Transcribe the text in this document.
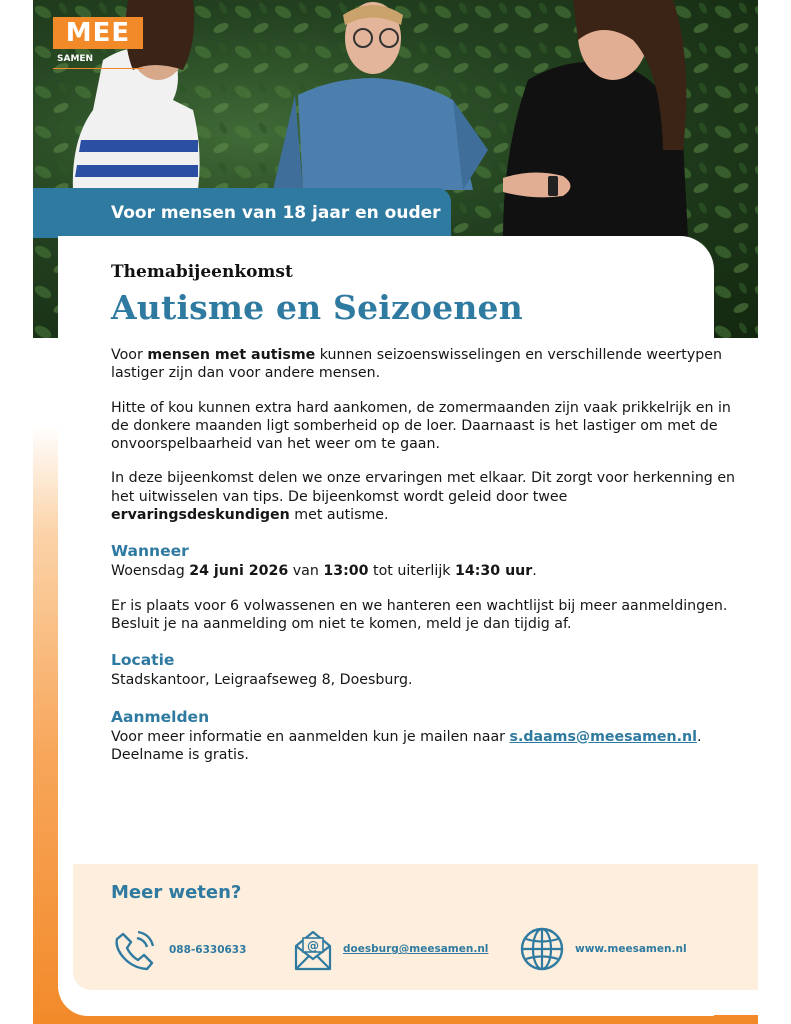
MEE
SAMEN
Voor mensen van 18 jaar en ouder
Themabijeenkomst
Autisme en Seizoenen

Voor mensen met autisme kunnen seizoenswisselingen en verschillende weertypen lastiger zijn dan voor andere mensen.

Hitte of kou kunnen extra hard aankomen, de zomermaanden zijn vaak prikkelrijk en in de donkere maanden ligt somberheid op de loer. Daarnaast is het lastiger om met de onvoorspelbaarheid van het weer om te gaan.

In deze bijeenkomst delen we onze ervaringen met elkaar. Dit zorgt voor herkenning en het uitwisselen van tips. De bijeenkomst wordt geleid door twee ervaringsdeskundigen met autisme.

Wanneer

Woensdag 24 juni 2026 van 13:00 tot uiterlijk 14:30 uur.

Er is plaats voor 6 volwassenen en we hanteren een wachtlijst bij meer aanmeldingen. Besluit je na aanmelding om niet te komen, meld je dan tijdig af.

Locatie

Stadskantoor, Leigraafseweg 8, Doesburg.

Aanmelden

Voor meer informatie en aanmelden kun je mailen naar s.daams@meesamen.nl. Deelname is gratis.

Meer weten?
088-6330633	@ doesburg@meesamen.nl	www.meesamen.nl
